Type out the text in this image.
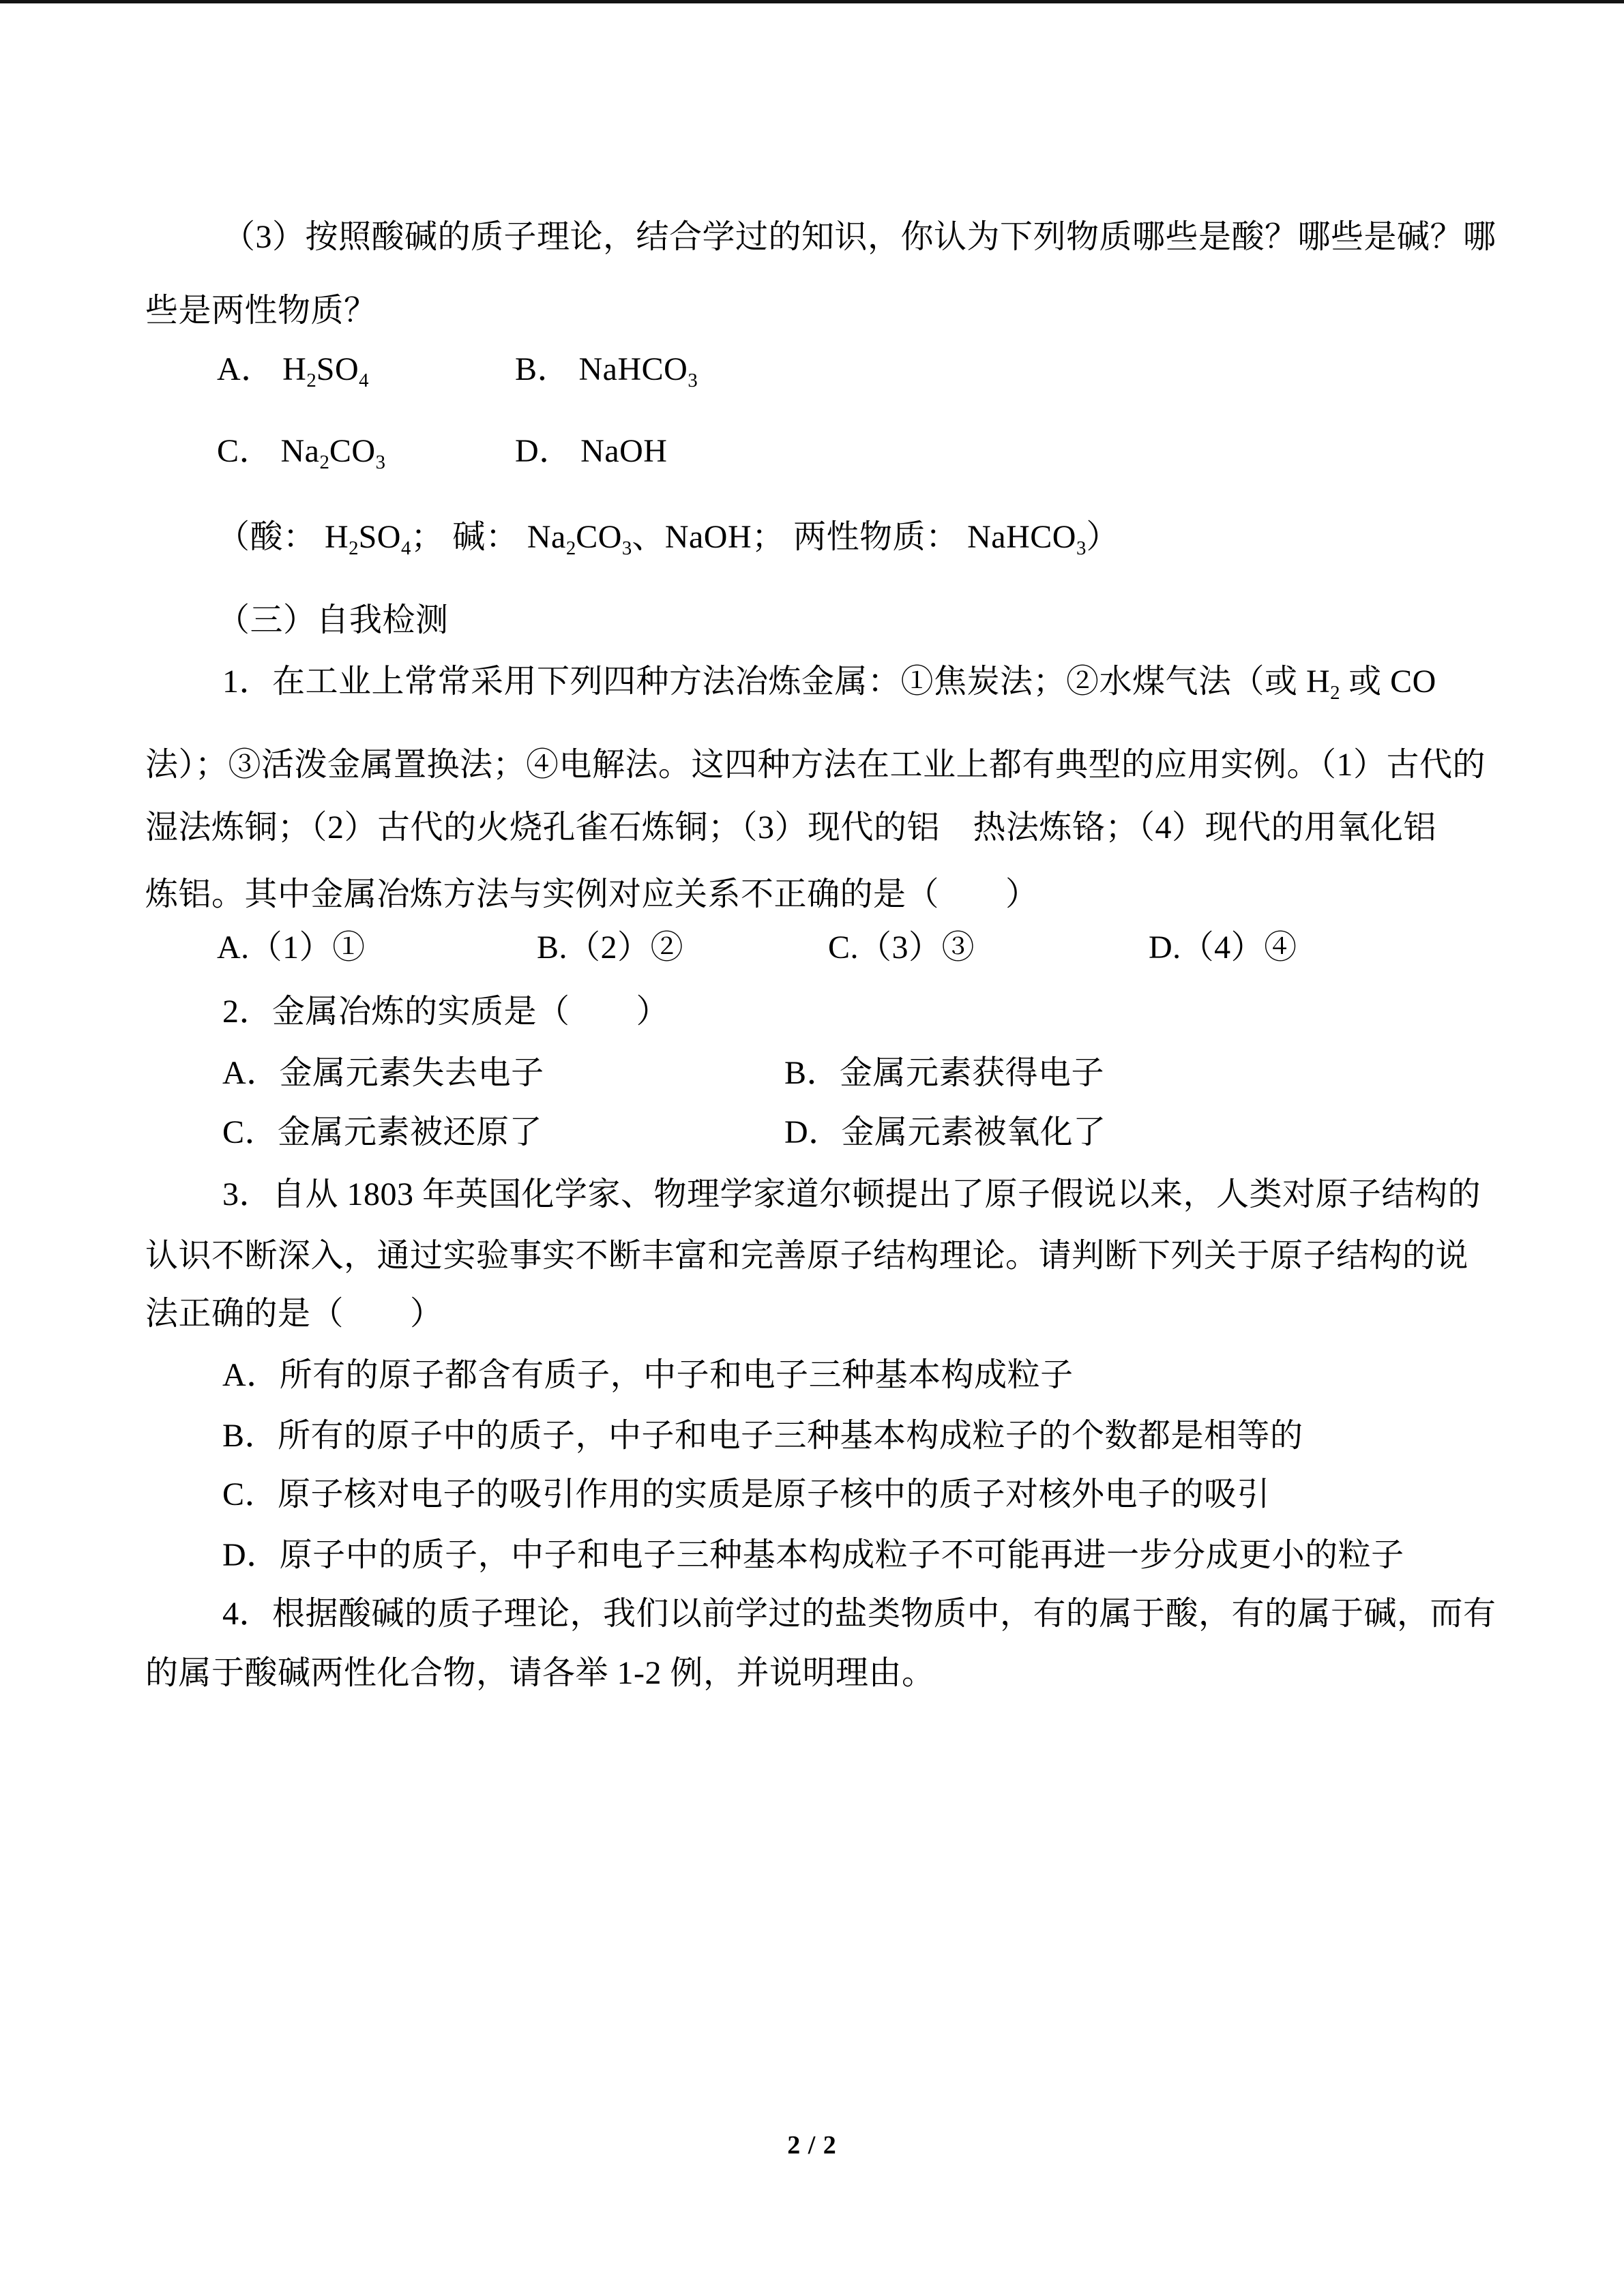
（3）按照酸碱的质子理论，结合学过的知识，你认为下列物质哪些是酸？哪些是碱？哪
些是两性物质？
A． $H_2SO_4$	B． NaHCO$_3$
C． $Na_2CO_3$	D． NaOH
（酸： $H_2SO_4$； 碱： $Na_2CO_3$、NaOH； 两性物质： NaHCO$_3$）
（三）自我检测
1．在工业上常常采用下列四种方法冶炼金属：①焦炭法；②水煤气法（或 $H_2$ 或 CO
法）；③活泼金属置换法；④电解法。这四种方法在工业上都有典型的应用实例。（1）古代的
湿法炼铜；（2）古代的火烧孔雀石炼铜；（3）现代的铝　热法炼铬；（4）现代的用氧化铝
炼铝。其中金属冶炼方法与实例对应关系不正确的是（　　）
A.（1）①	B.（2）②	C.（3）③	D.（4）④
2．金属冶炼的实质是（　　）
A．金属元素失去电子	B．金属元素获得电子
C．金属元素被还原了	D．金属元素被氧化了
3．自从 1803 年英国化学家、物理学家道尔顿提出了原子假说以来，人类对原子结构的
认识不断深入，通过实验事实不断丰富和完善原子结构理论。请判断下列关于原子结构的说
法正确的是（　　）
A．所有的原子都含有质子，中子和电子三种基本构成粒子
B．所有的原子中的质子，中子和电子三种基本构成粒子的个数都是相等的
C．原子核对电子的吸引作用的实质是原子核中的质子对核外电子的吸引
D．原子中的质子，中子和电子三种基本构成粒子不可能再进一步分成更小的粒子
4．根据酸碱的质子理论，我们以前学过的盐类物质中，有的属于酸，有的属于碱，而有
的属于酸碱两性化合物，请各举 1-2 例，并说明理由。
2 / 2
